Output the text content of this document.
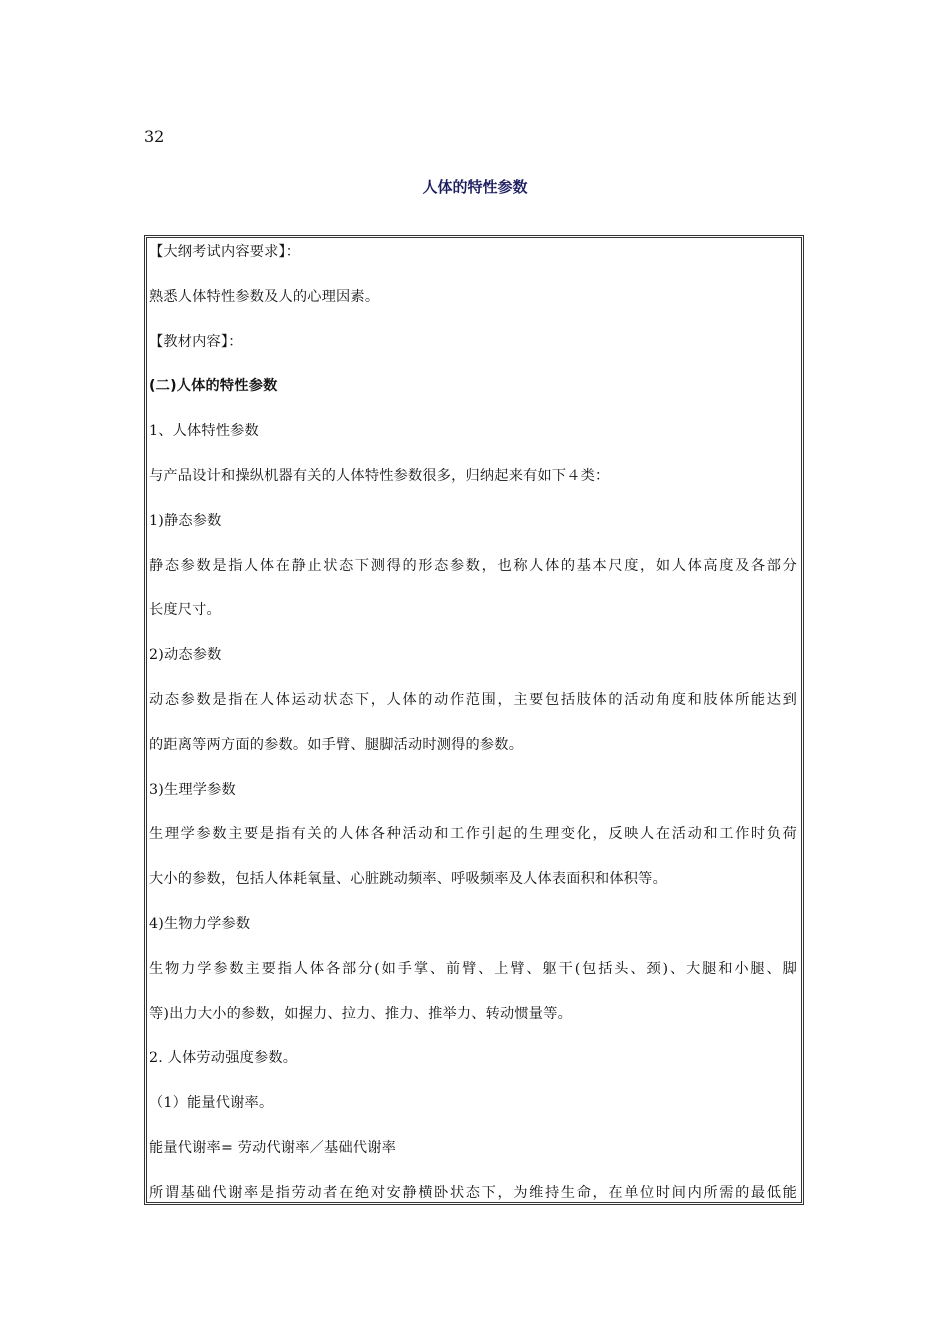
32
人体的特性参数
【大纲考试内容要求】：
熟悉人体特性参数及人的心理因素。
【教材内容】：
(二)人体的特性参数
1、人体特性参数
与产品设计和操纵机器有关的人体特性参数很多，归纳起来有如下４类：
1)静态参数
静态参数是指人体在静止状态下测得的形态参数，也称人体的基本尺度，如人体高度及各部分
长度尺寸。
2)动态参数
动态参数是指在人体运动状态下，人体的动作范围，主要包括肢体的活动角度和肢体所能达到
的距离等两方面的参数。如手臂、腿脚活动时测得的参数。
3)生理学参数
生理学参数主要是指有关的人体各种活动和工作引起的生理变化，反映人在活动和工作时负荷
大小的参数，包括人体耗氧量、心脏跳动频率、呼吸频率及人体表面积和体积等。
4)生物力学参数
生物力学参数主要指人体各部分(如手掌、前臂、上臂、躯干(包括头、颈)、大腿和小腿、脚
等)出力大小的参数，如握力、拉力、推力、推举力、转动惯量等。
2. 人体劳动强度参数。
（1）能量代谢率。
能量代谢率= 劳动代谢率／基础代谢率
所谓基础代谢率是指劳动者在绝对安静横卧状态下，为维持生命，在单位时间内所需的最低能
